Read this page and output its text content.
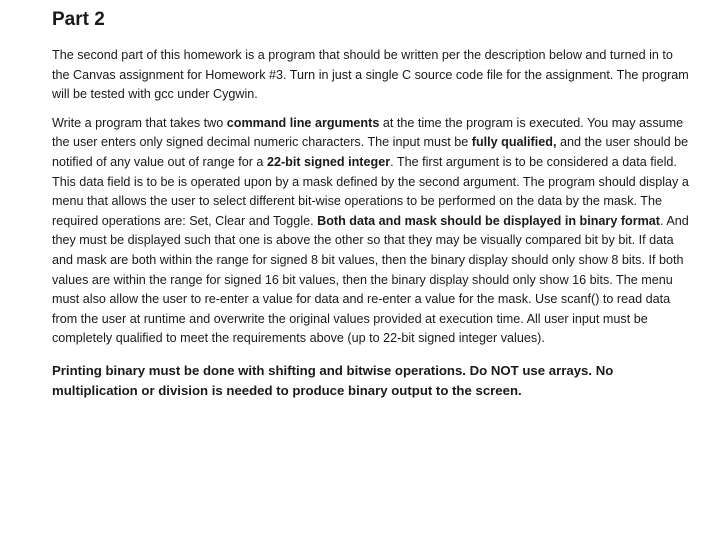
Part 2

The second part of this homework is a program that should be written per the description below and turned in to the Canvas assignment for Homework #3. Turn in just a single C source code file for the assignment. The program will be tested with gcc under Cygwin.

Write a program that takes two command line arguments at the time the program is executed. You may assume the user enters only signed decimal numeric characters. The input must be fully qualified, and the user should be notified of any value out of range for a 22-bit signed integer. The first argument is to be considered a data field. This data field is to be is operated upon by a mask defined by the second argument. The program should display a menu that allows the user to select different bit-wise operations to be performed on the data by the mask. The required operations are: Set, Clear and Toggle. Both data and mask should be displayed in binary format. And they must be displayed such that one is above the other so that they may be visually compared bit by bit. If data and mask are both within the range for signed 8 bit values, then the binary display should only show 8 bits. If both values are within the range for signed 16 bit values, then the binary display should only show 16 bits. The menu must also allow the user to re-enter a value for data and re-enter a value for the mask. Use scanf() to read data from the user at runtime and overwrite the original values provided at execution time. All user input must be completely qualified to meet the requirements above (up to 22-bit signed integer values).

Printing binary must be done with shifting and bitwise operations. Do NOT use arrays. No multiplication or division is needed to produce binary output to the screen.
